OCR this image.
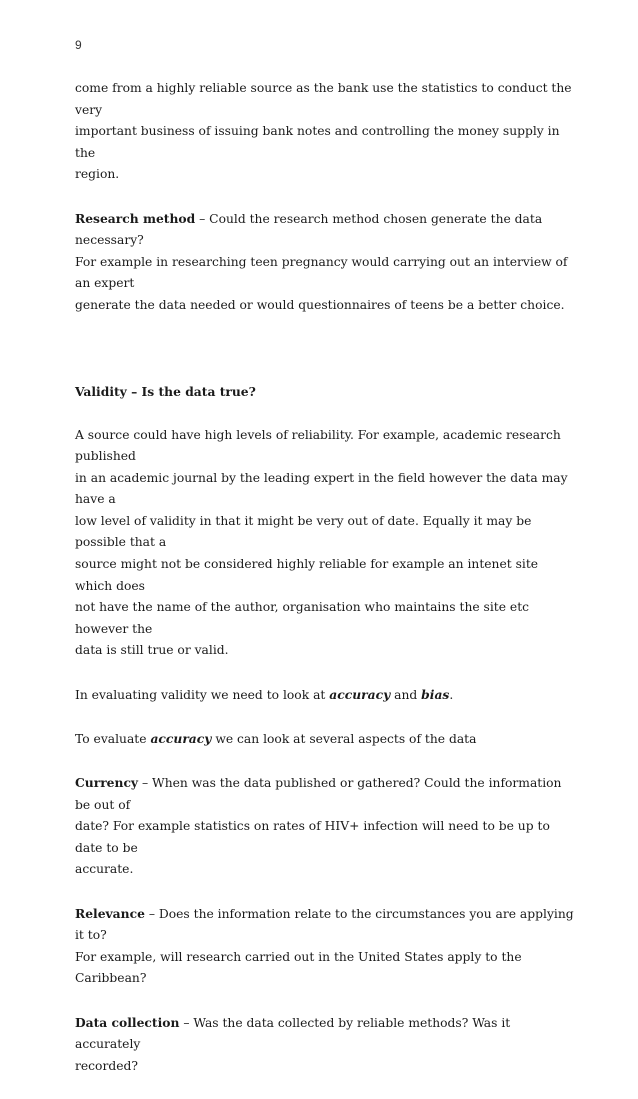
9

come from a highly reliable source as the bank use the statistics to conduct the very
important business of issuing bank notes and controlling the money supply in the
region.

Research method – Could the research method chosen generate the data necessary?
For example in researching teen pregnancy would carrying out an interview of an expert
generate the data needed or would questionnaires of teens be a better choice.

Validity – Is the data true?

A source could have high levels of reliability. For example, academic research published
in an academic journal by the leading expert in the field however the data may have a
low level of validity in that it might be very out of date. Equally it may be possible that a
source might not be considered highly reliable for example an intenet site which does
not have the name of the author, organisation who maintains the site etc however the
data is still true or valid.

In evaluating validity we need to look at accuracy and bias.

To evaluate accuracy we can look at several aspects of the data

Currency – When was the data published or gathered? Could the information be out of
date? For example statistics on rates of HIV+ infection will need to be up to date to be
accurate.

Relevance – Does the information relate to the circumstances you are applying it to?
For example, will research carried out in the United States apply to the Caribbean?

Data collection – Was the data collected by reliable methods? Was it accurately
recorded?
